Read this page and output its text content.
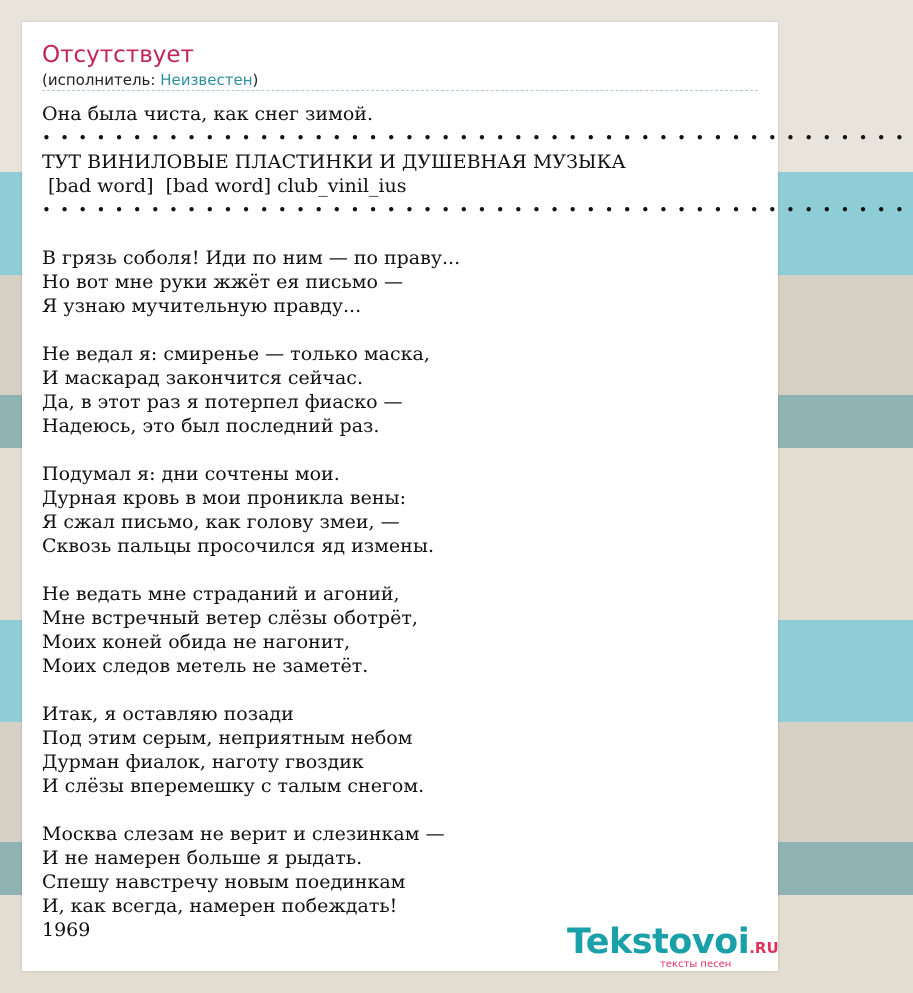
Отсутствует
(исполнитель: Неизвестен)
Она была чиста, как снег зимой.
••••••••••••••••••••••••••••••••••••••••••••••••
ТУТ ВИНИЛОВЫЕ ПЛАСТИНКИ И ДУШЕВНАЯ МУЗЫКА
[bad word]  [bad word] club_vinil_ius
••••••••••••••••••••••••••••••••••••••••••••••••
В грязь соболя! Иди по ним — по праву...
Но вот мне руки жжёт ея письмо —
Я узнаю мучительную правду...
Не ведал я: смиренье — только маска,
И маскарад закончится сейчас.
Да, в этот раз я потерпел фиаско —
Надеюсь, это был последний раз.
Подумал я: дни сочтены мои.
Дурная кровь в мои проникла вены:
Я сжал письмо, как голову змеи, —
Сквозь пальцы просочился яд измены.
Не ведать мне страданий и агоний,
Мне встречный ветер слёзы оботрёт,
Моих коней обида не нагонит,
Моих следов метель не заметёт.
Итак, я оставляю позади
Под этим серым, неприятным небом
Дурман фиалок, наготу гвоздик
И слёзы вперемешку с талым снегом.
Москва слезам не верит и слезинкам —
И не намерен больше я рыдать.
Спешу навстречу новым поединкам
И, как всегда, намерен побеждать!
1969	Tekstovoi.RU
тексты песен
